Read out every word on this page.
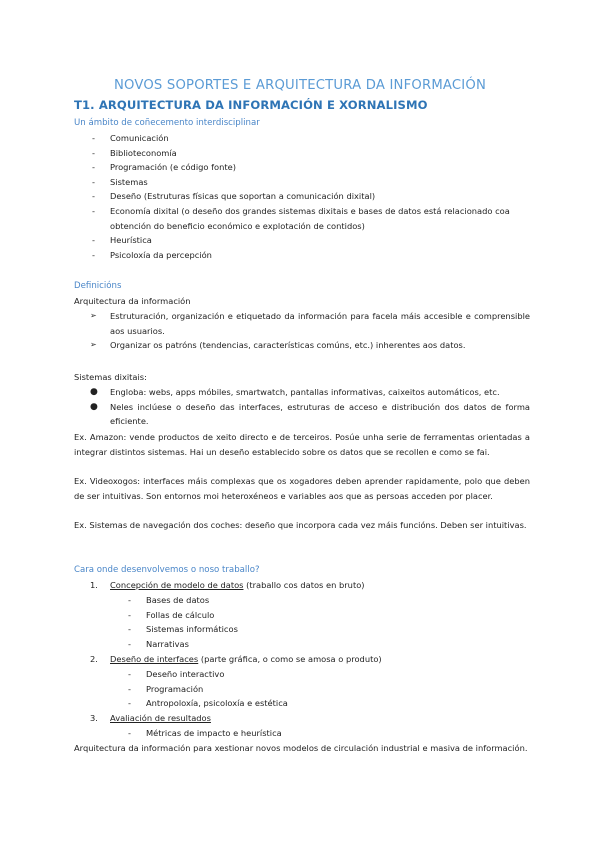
NOVOS SOPORTES E ARQUITECTURA DA INFORMACIÓN
T1. ARQUITECTURA DA INFORMACIÓN E XORNALISMO
Un ámbito de coñecemento interdisciplinar
- Comunicación
- Biblioteconomía
- Programación (e código fonte)
- Sistemas
- Deseño (Estruturas físicas que soportan a comunicación dixital)
- Economía dixital (o deseño dos grandes sistemas dixitais e bases de datos está relacionado coa obtención do beneficio económico e explotación de contidos)
- Heurística
- Psicoloxía da percepción
Definicións
Arquitectura da información
➢ Estruturación, organización e etiquetado da información para facela máis accesible e comprensible aos usuarios.
➢ Organizar os patróns (tendencias, características comúns, etc.) inherentes aos datos.
Sistemas dixitais:
● Engloba: webs, apps móbiles, smartwatch, pantallas informativas, caixeitos automáticos, etc.
● Neles inclúese o deseño das interfaces, estruturas de acceso e distribución dos datos de forma eficiente.

Ex. Amazon: vende productos de xeito directo e de terceiros. Posúe unha serie de ferramentas orientadas a integrar distintos sistemas. Hai un deseño establecido sobre os datos que se recollen e como se fai.

Ex. Videoxogos: interfaces máis complexas que os xogadores deben aprender rapidamente, polo que deben de ser intuitivas. Son entornos moi heteroxéneos e variables aos que as persoas acceden por placer.

Ex. Sistemas de navegación dos coches: deseño que incorpora cada vez máis funcións. Deben ser intuitivas.

Cara onde desenvolvemos o noso traballo?
1. Concepción de modelo de datos (traballo cos datos en bruto)
- Bases de datos
- Follas de cálculo
- Sistemas informáticos
- Narrativas
2. Deseño de interfaces (parte gráfica, o como se amosa o produto)
- Deseño interactivo
- Programación
- Antropoloxía, psicoloxía e estética
3. Avaliación de resultados
- Métricas de impacto e heurística

Arquitectura da información para xestionar novos modelos de circulación industrial e masiva de información.
